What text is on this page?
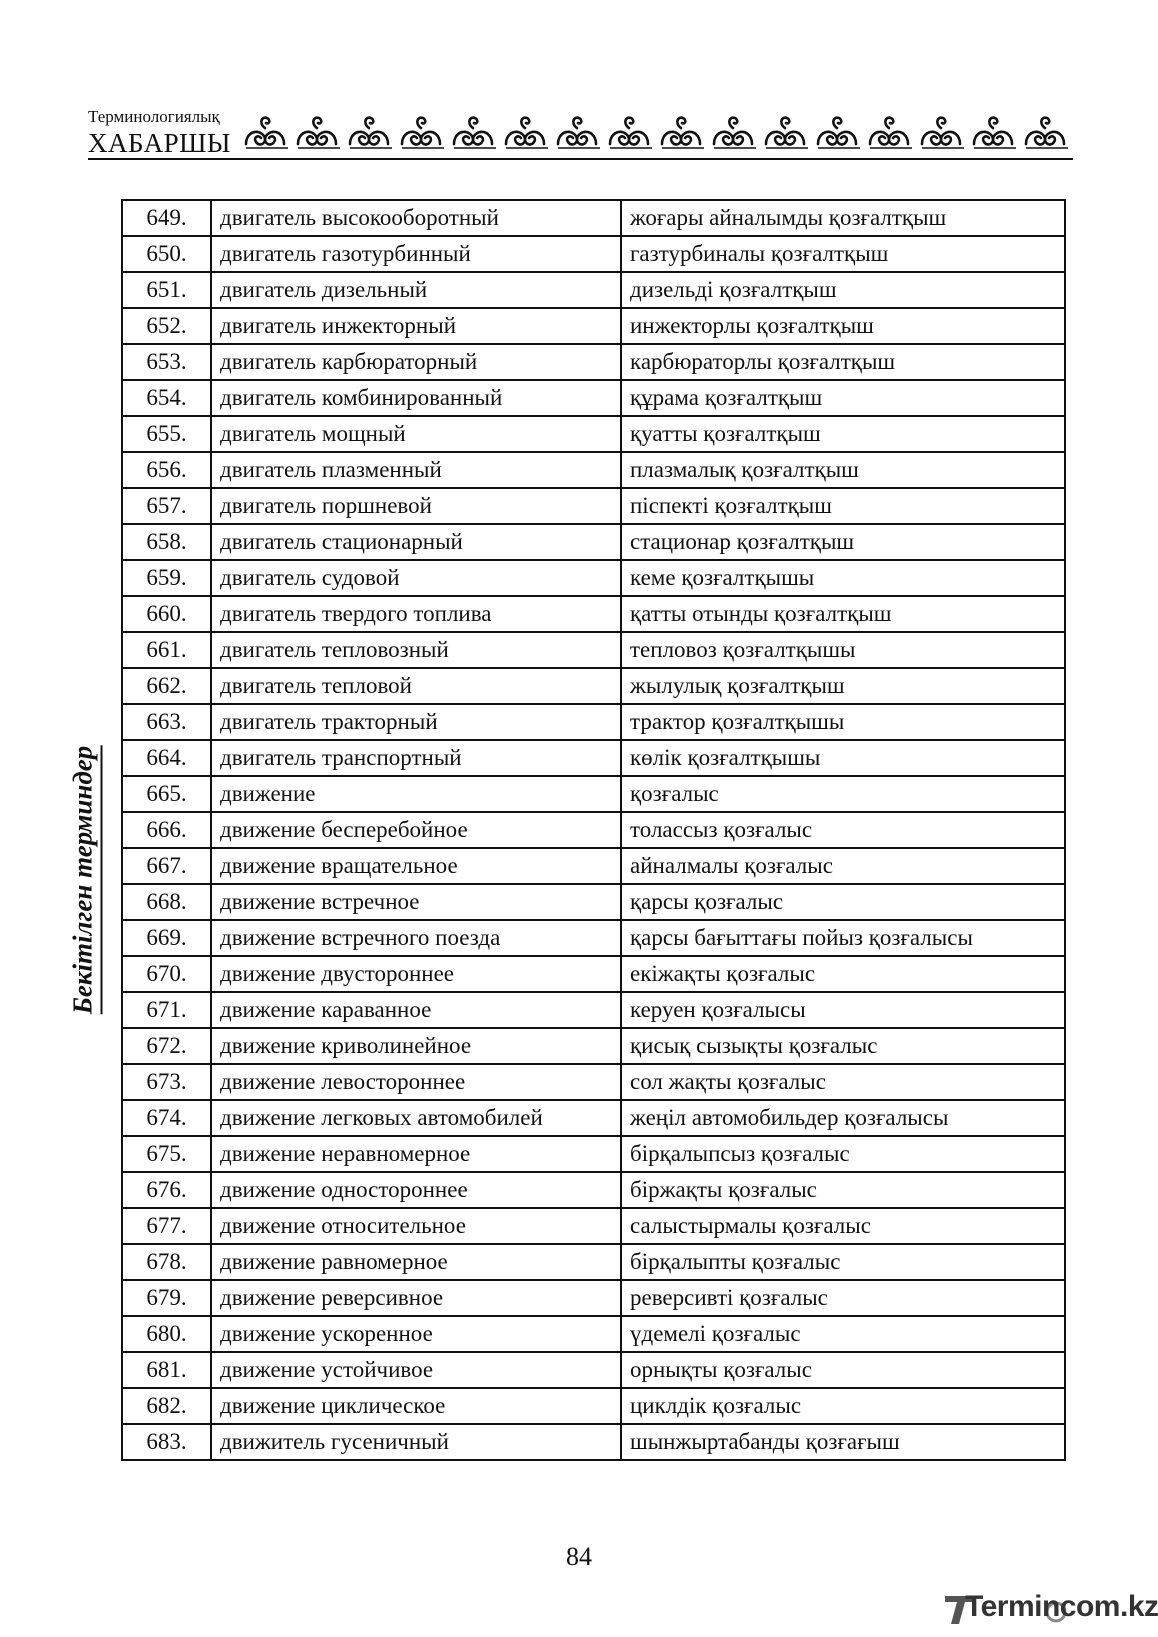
Терминологиялық
ХАБАРШЫ
Бекітілген терминдер
649.	двигатель высокооборотный	жоғары айналымды қозғалтқыш
650.	двигатель газотурбинный	газтурбиналы қозғалтқыш
651.	двигатель дизельный	дизельді қозғалтқыш
652.	двигатель инжекторный	инжекторлы қозғалтқыш
653.	двигатель карбюраторный	карбюраторлы қозғалтқыш
654.	двигатель комбинированный	құрама қозғалтқыш
655.	двигатель мощный	қуатты қозғалтқыш
656.	двигатель плазменный	плазмалық қозғалтқыш
657.	двигатель поршневой	піспекті қозғалтқыш
658.	двигатель стационарный	стационар қозғалтқыш
659.	двигатель судовой	кеме қозғалтқышы
660.	двигатель твердого топлива	қатты отынды қозғалтқыш
661.	двигатель тепловозный	тепловоз қозғалтқышы
662.	двигатель тепловой	жылулық қозғалтқыш
663.	двигатель тракторный	трактор қозғалтқышы
664.	двигатель транспортный	көлік қозғалтқышы
665.	движение	қозғалыс
666.	движение бесперебойное	толассыз қозғалыс
667.	движение вращательное	айналмалы қозғалыс
668.	движение встречное	қарсы қозғалыс
669.	движение встречного поезда	қарсы бағыттағы пойыз қозғалысы
670.	движение двустороннее	екіжақты қозғалыс
671.	движение караванное	керуен қозғалысы
672.	движение криволинейное	қисық сызықты қозғалыс
673.	движение левостороннее	сол жақты қозғалыс
674.	движение легковых автомобилей	жеңіл автомобильдер қозғалысы
675.	движение неравномерное	бірқалыпсыз қозғалыс
676.	движение одностороннее	біржақты қозғалыс
677.	движение относительное	салыстырмалы қозғалыс
678.	движение равномерное	бірқалыпты қозғалыс
679.	движение реверсивное	реверсивті қозғалыс
680.	движение ускоренное	үдемелі қозғалыс
681.	движение устойчивое	орнықты қозғалыс
682.	движение циклическое	циклдік қозғалыс
683.	движитель гусеничный	шынжыртабанды қозғағыш
84
Termincom.kz
